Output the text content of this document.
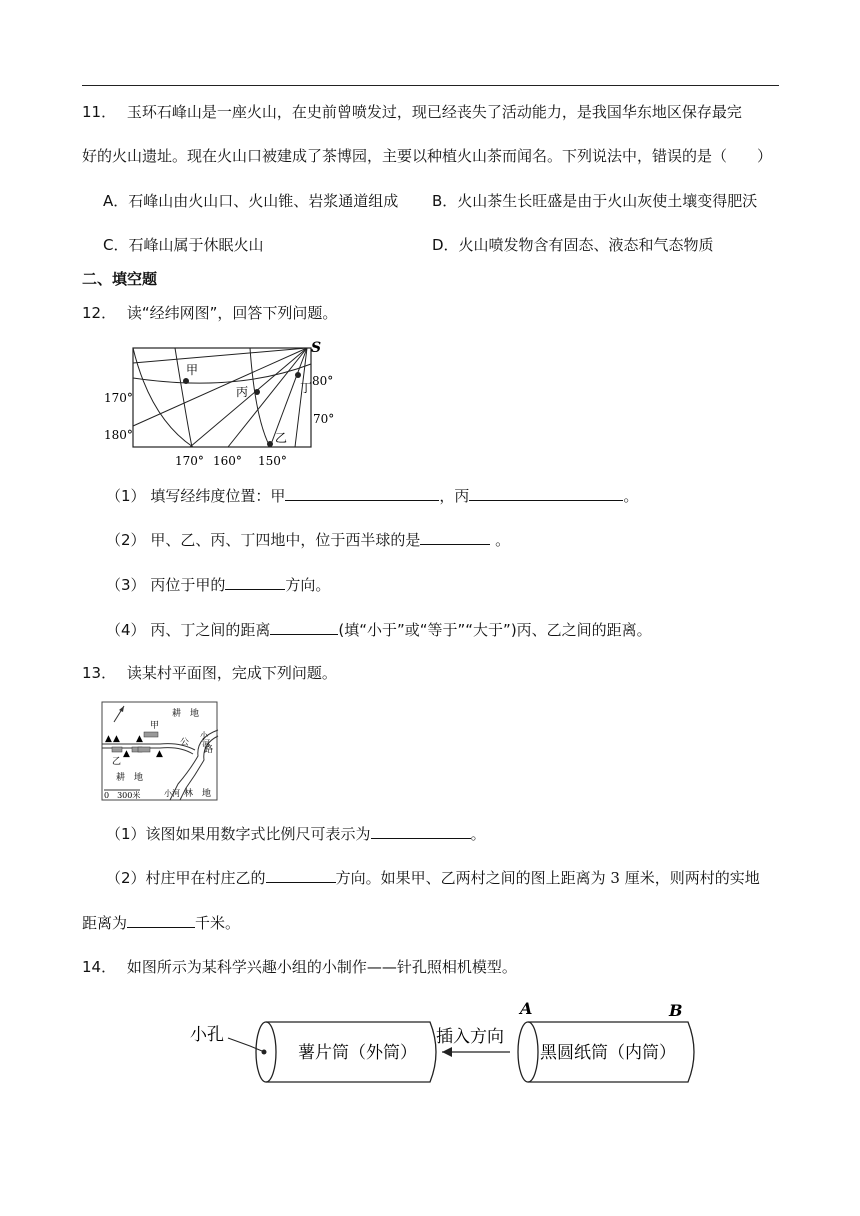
11． 玉环石峰山是一座火山，在史前曾喷发过，现已经丧失了活动能力，是我国华东地区保存最完
好的火山遗址。现在火山口被建成了茶博园，主要以种植火山茶而闻名。下列说法中，错误的是（　　）
A．石峰山由火山口、火山锥、岩浆通道组成 B．火山茶生长旺盛是由于火山灰使土壤变得肥沃
C．石峰山属于休眠火山	D．火山喷发物含有固态、液态和气态物质
二、填空题
12． 读“经纬网图”，回答下列问题。
S
甲
丙	丁
乙
170°
180°
80°
70°
170° 160° 150°
（1） 填写经纬度位置：甲	，丙	。
（2） 甲、乙、丙、丁四地中，位于西半球的是	。
（3） 丙位于甲的	方向。
（4） 丙、丁之间的距离	(填“小于”或“等于”“大于”)丙、乙之间的距离。
13． 读某村平面图，完成下列问题。
▲ ▲ ▲
▲	▲
耕　地
甲
乙
公
路
小
河
耕　地
小河 林　地
0　300米
（1）该图如果用数字式比例尺可表示为	。
（2）村庄甲在村庄乙的	方向。如果甲、乙两村之间的图上距离为 3 厘米，则两村的实地
距离为	千米。
14． 如图所示为某科学兴趣小组的小制作——针孔照相机模型。
小孔
薯片筒（外筒）
插入方向
黑圆纸筒（内筒）
A	B
